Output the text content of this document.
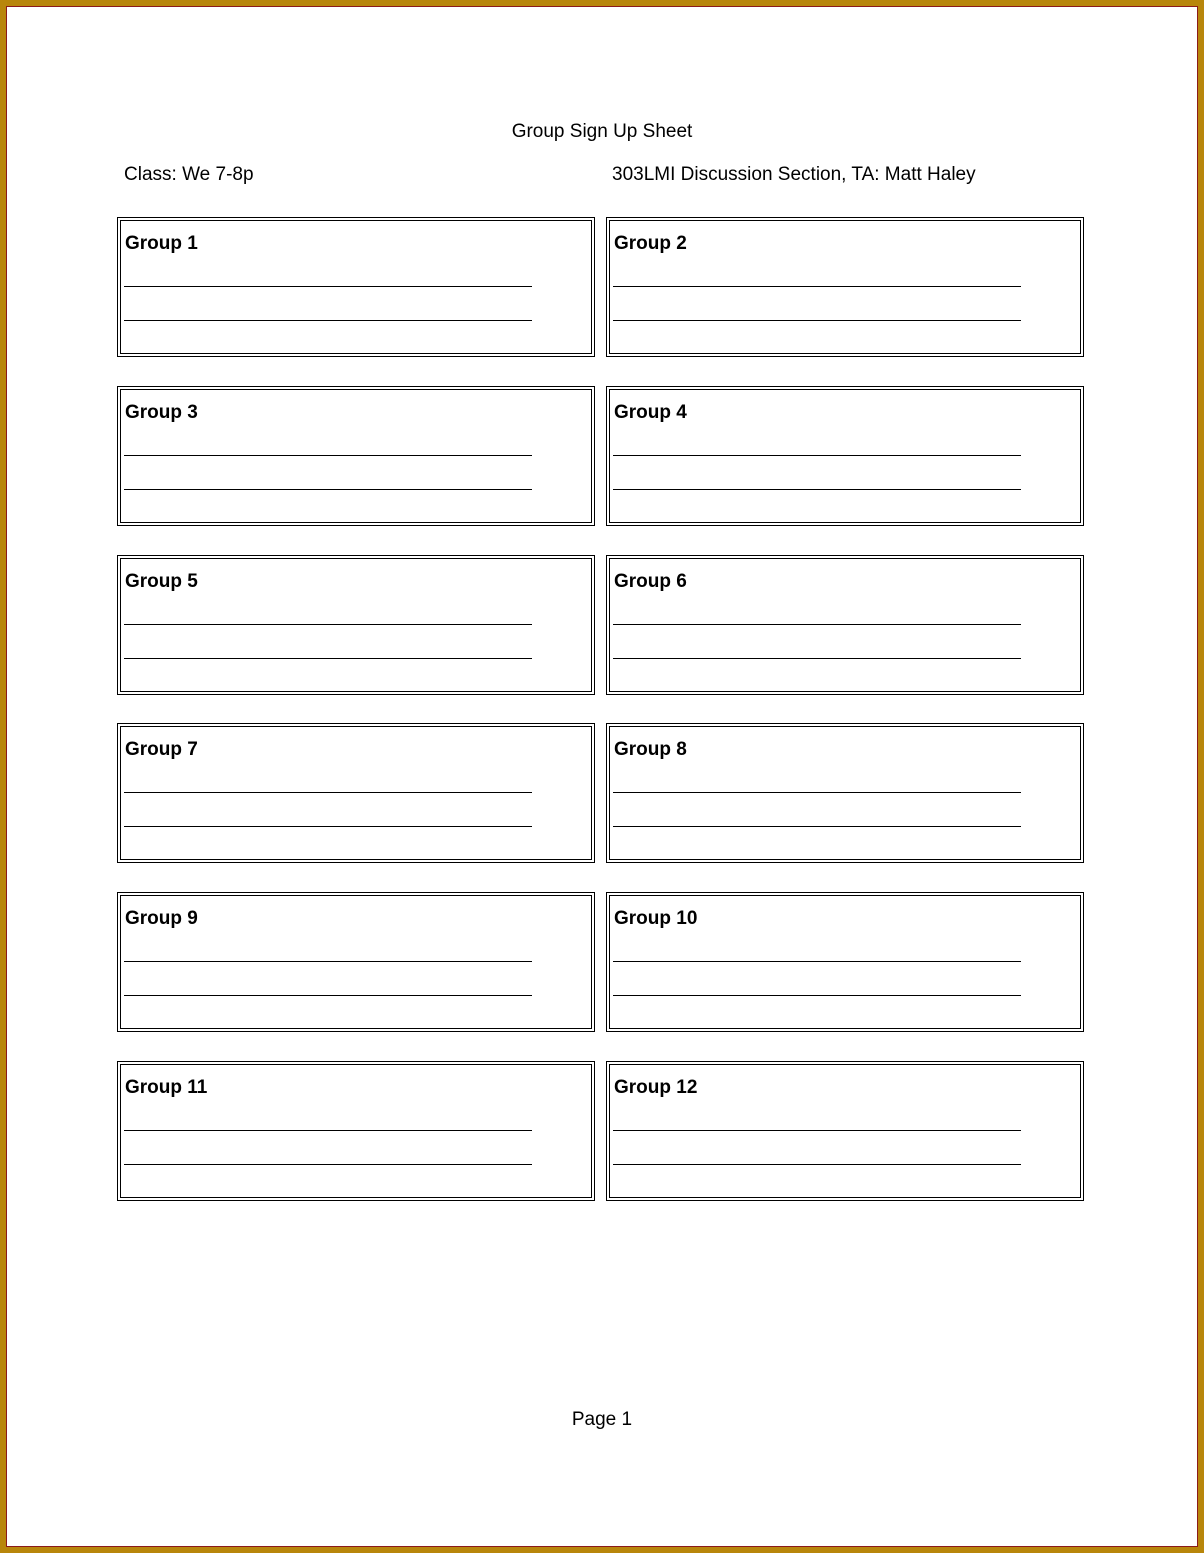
Group Sign Up Sheet
Class: We 7-8p	303LMI Discussion Section, TA: Matt Haley
Group 1	Group 2
Group 3	Group 4
Group 5	Group 6
Group 7	Group 8
Group 9	Group 10
Group 11	Group 12
Page 1
